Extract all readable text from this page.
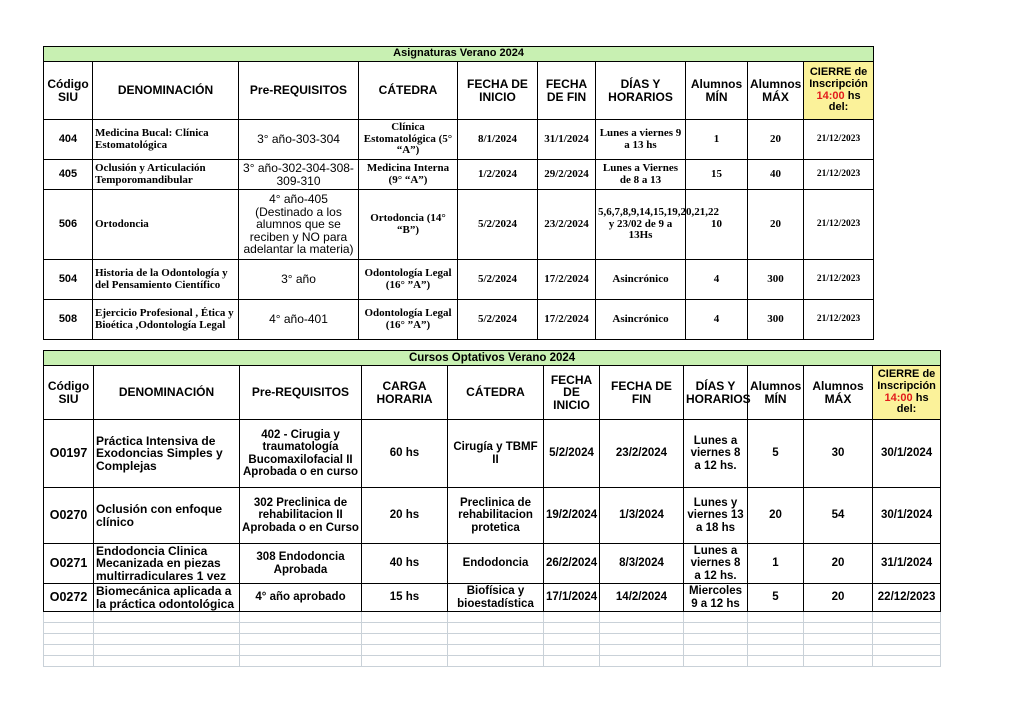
Asignaturas Verano 2024									
Código SIU	DENOMINACIÓN	Pre-REQUISITOS	CÁTEDRA	FECHA DE INICIO	FECHA DE FIN	DÍAS Y HORARIOS	Alumnos MÍN	Alumnos MÁX	CIERRE de Inscripción 14:00 hs del:
404	Medicina Bucal: Clínica Estomatológica	3° año-303-304	Clínica Estomatológica (5° “A”)	8/1/2024	31/1/2024	Lunes a viernes 9 a 13 hs	1	20	21/12/2023
405	Oclusión y Articulación Temporomandibular	3° año-302-304-308-309-310	Medicina Interna (9° “A”)	1/2/2024	29/2/2024	Lunes a Viernes de 8 a 13	15	40	21/12/2023
506	Ortodoncia	4° año-405 (Destinado a los alumnos que se reciben y NO para adelantar la materia)	Ortodoncia (14° “B”)	5/2/2024	23/2/2024	5,6,7,8,9,14,15,19,20,21,22 y 23/02 de 9 a 13Hs	10	20	21/12/2023
504	Historia de la Odontología y del Pensamiento Científico	3° año	Odontología Legal (16° ”A”)	5/2/2024	17/2/2024	Asincrónico	4	300	21/12/2023
508	Ejercicio Profesional , Ética y Bioética ,Odontología Legal	4° año-401	Odontología Legal (16° ”A”)	5/2/2024	17/2/2024	Asincrónico	4	300	21/12/2023
Cursos Optativos Verano 2024										
Código SIU	DENOMINACIÓN	Pre-REQUISITOS	CARGA HORARIA	CÁTEDRA	FECHA DE INICIO	FECHA DE FIN	DÍAS Y HORARIOS	Alumnos MÍN	Alumnos MÁX	CIERRE de Inscripción 14:00 hs del:
O0197	Práctica Intensiva de Exodoncias Simples y Complejas	402 - Cirugia y traumatología Bucomaxilofacial II Aprobada o en curso	60 hs	Cirugía y TBMF II	5/2/2024	23/2/2024	Lunes a viernes 8 a 12 hs.	5	30	30/1/2024
O0270	Oclusión con enfoque clínico	302 Preclinica de rehabilitacion II Aprobada o en Curso	20 hs	Preclinica de rehabilitacion protetica	19/2/2024	1/3/2024	Lunes y viernes 13 a 18 hs	20	54	30/1/2024
O0271	Endodoncia Clinica Mecanizada en piezas multirradiculares 1 vez	308 Endodoncia Aprobada	40 hs	Endodoncia	26/2/2024	8/3/2024	Lunes a viernes 8 a 12 hs.	1	20	31/1/2024
O0272	Biomecánica aplicada a la práctica odontológica	4° año aprobado	15 hs	Biofísica y bioestadística	17/1/2024	14/2/2024	Miercoles 9 a 12 hs	5	20	22/12/2023
